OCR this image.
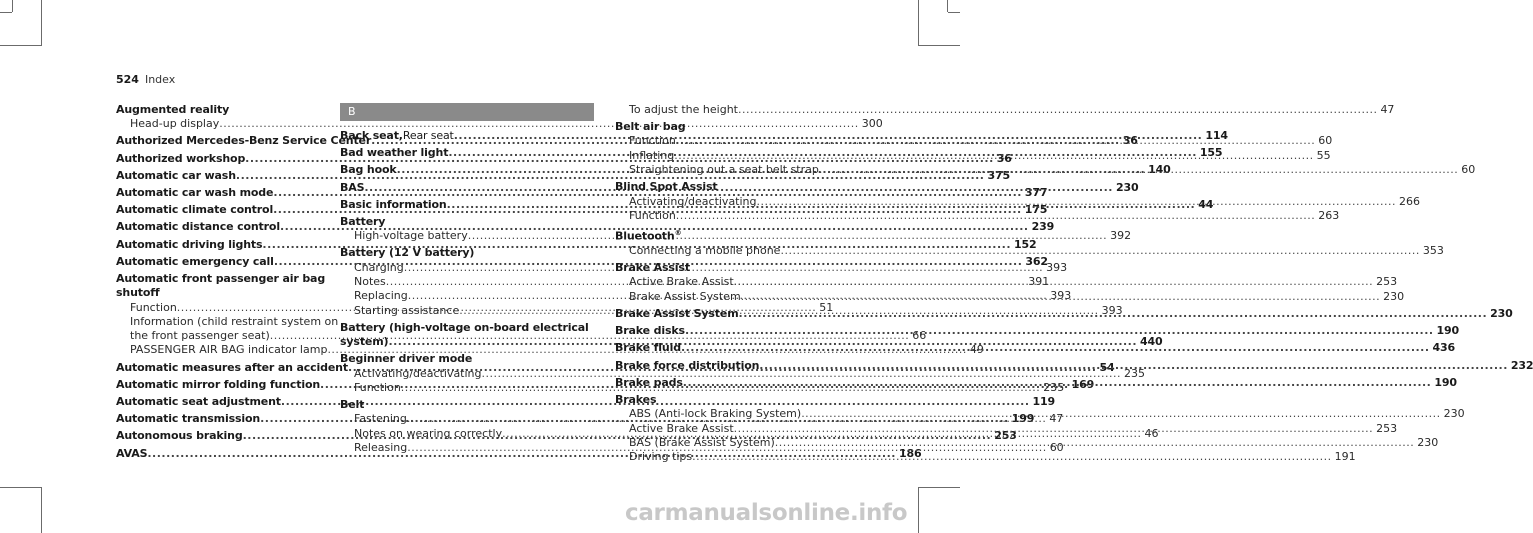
524 Index
Augmented reality
Head-up display .....	300
Authorized Mercedes-Benz Service Center .....	36
Authorized workshop .....	36
Automatic car wash .....	375
Automatic car wash mode .....	377
Automatic climate control .....	175
Automatic distance control .....	239
Automatic driving lights .....	152
Automatic emergency call .....	362
Automatic front passenger air bag shutoff
Function .....	51
Information (child restraint system on
the front passenger seat) .....	66
PASSENGER AIR BAG indicator lamp .....	49
Automatic measures after an accident .....	54
Automatic mirror folding function .....	169
Automatic seat adjustment .....	119
Automatic transmission .....	199
Autonomous braking .....	253
AVAS .....	186
B
Back seat, Rear seat .....	114
Bad weather light .....	155
Bag hook .....	140
BAS .....	230
Basic information .....	44
Battery
High-voltage battery .....	392
Battery (12 V battery)
Charging .....	393
Notes .....	391
Replacing .....	393
Starting assistance .....	393
Battery (high-voltage on-board electrical
system) .....	440
Beginner driver mode
Activating/deactivating .....	235
Function .....	235
Belt
Fastening .....	47
Notes on wearing correctly .....	46
Releasing .....	60
To adjust the height .....	47
Belt air bag
Function .....	60
Inflating .....	55
Straightening out a seat belt strap .....	60
Blind Spot Assist
Activating/deactivating .....	266
Function .....	263
Bluetooth®
Connecting a mobile phone .....	353
Brake Assist
Active Brake Assist .....	253
Brake Assist System .....	230
Brake Assist System .....	230
Brake disks .....	190
Brake fluid .....	436
Brake force distribution .....	232
Brake pads .....	190
Brakes
ABS (Anti-lock Braking System) .....	230
Active Brake Assist .....	253
BAS (Brake Assist System) .....	230
Driving tips .....	191
carmanualsonline.info
